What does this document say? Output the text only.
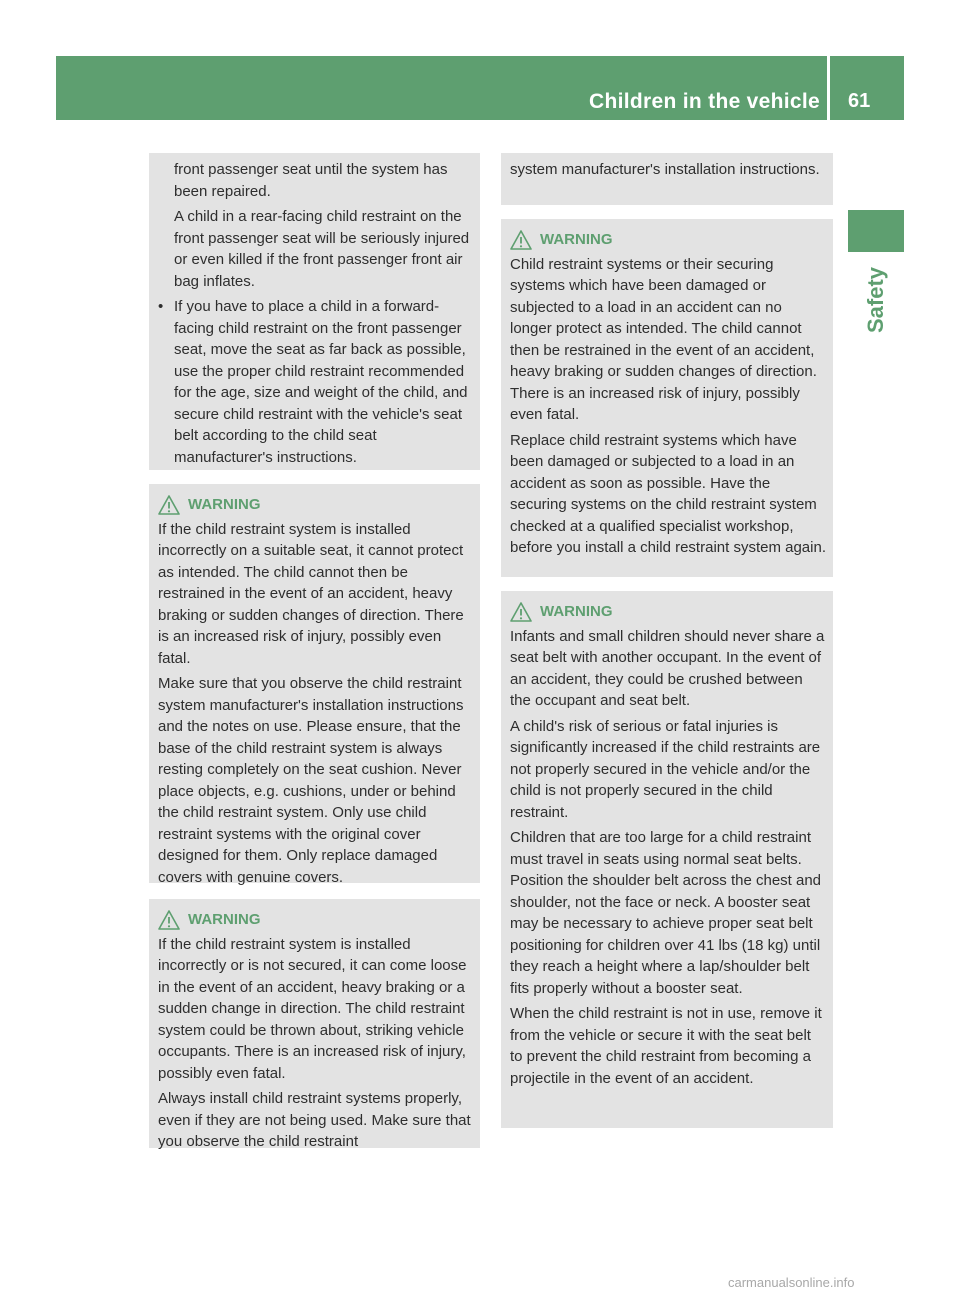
Children in the vehicle 61
Safety

front passenger seat until the system has been repaired.

A child in a rear-facing child restraint on the front passenger seat will be seriously injured or even killed if the front passenger front air bag inflates.

• If you have to place a child in a forward-facing child restraint on the front passenger seat, move the seat as far back as possible, use the proper child restraint recommended for the age, size and weight of the child, and secure child restraint with the vehicle's seat belt according to the child seat manufacturer's instructions.
WARNING

If the child restraint system is installed incorrectly on a suitable seat, it cannot protect as intended. The child cannot then be restrained in the event of an accident, heavy braking or sudden changes of direction. There is an increased risk of injury, possibly even fatal.

Make sure that you observe the child restraint system manufacturer's installation instructions and the notes on use. Please ensure, that the base of the child restraint system is always resting completely on the seat cushion. Never place objects, e.g. cushions, under or behind the child restraint system. Only use child restraint systems with the original cover designed for them. Only replace damaged covers with genuine covers.

WARNING

If the child restraint system is installed incorrectly or is not secured, it can come loose in the event of an accident, heavy braking or a sudden change in direction. The child restraint system could be thrown about, striking vehicle occupants. There is an increased risk of injury, possibly even fatal.

Always install child restraint systems properly, even if they are not being used. Make sure that you observe the child restraint

system manufacturer's installation instructions.

WARNING

Child restraint systems or their securing systems which have been damaged or subjected to a load in an accident can no longer protect as intended. The child cannot then be restrained in the event of an accident, heavy braking or sudden changes of direction. There is an increased risk of injury, possibly even fatal.

Replace child restraint systems which have been damaged or subjected to a load in an accident as soon as possible. Have the securing systems on the child restraint system checked at a qualified specialist workshop, before you install a child restraint system again.

WARNING

Infants and small children should never share a seat belt with another occupant. In the event of an accident, they could be crushed between the occupant and seat belt.

A child's risk of serious or fatal injuries is significantly increased if the child restraints are not properly secured in the vehicle and/or the child is not properly secured in the child restraint.

Children that are too large for a child restraint must travel in seats using normal seat belts. Position the shoulder belt across the chest and shoulder, not the face or neck. A booster seat may be necessary to achieve proper seat belt positioning for children over 41 lbs (18 kg) until they reach a height where a lap/shoulder belt fits properly without a booster seat.

When the child restraint is not in use, remove it from the vehicle or secure it with the seat belt to prevent the child restraint from becoming a projectile in the event of an accident.

carmanualsonline.info
